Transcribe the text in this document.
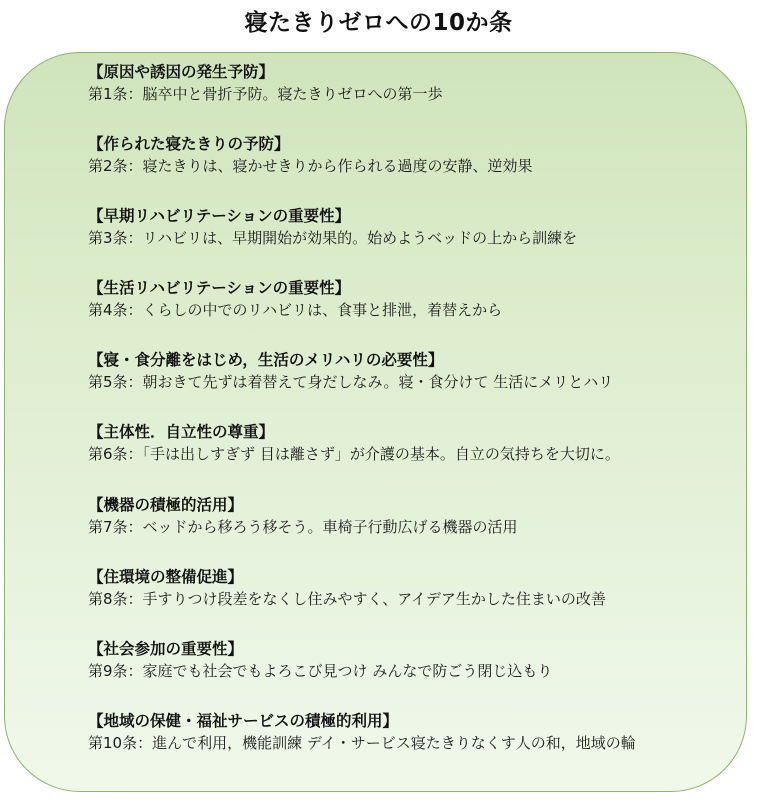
寝たきりゼロへの10か条
【原因や誘因の発生予防】
第1条：脳卒中と骨折予防。寝たきりゼロへの第一歩
【作られた寝たきりの予防】
第2条：寝たきりは、寝かせきりから作られる過度の安静、逆効果
【早期リハビリテーションの重要性】
第3条：リハビリは、早期開始が効果的。始めようベッドの上から訓練を
【生活リハビリテーションの重要性】
第4条：くらしの中でのリハビリは、食事と排泄，着替えから
【寝・食分離をはじめ，生活のメリハリの必要性】
第5条：朝おきて先ずは着替えて身だしなみ。寝・食分けて 生活にメリとハリ
【主体性．自立性の尊重】
第6条：「手は出しすぎず 目は離さず」が介護の基本。自立の気持ちを大切に。
【機器の積極的活用】
第7条：ベッドから移ろう移そう。車椅子行動広げる機器の活用
【住環境の整備促進】
第8条：手すりつけ段差をなくし住みやすく、アイデア生かした住まいの改善
【社会参加の重要性】
第9条：家庭でも社会でもよろこび見つけ みんなで防ごう閉じ込もり
【地域の保健・福祉サービスの積極的利用】
第10条：進んで利用，機能訓練 デイ・サービス寝たきりなくす人の和，地域の輪
